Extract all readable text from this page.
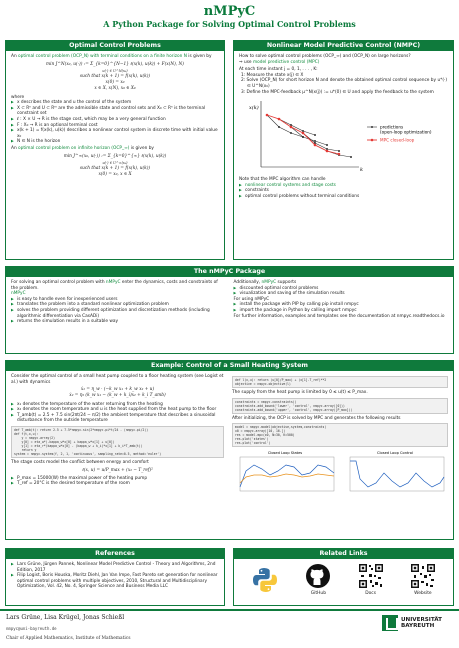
nMPyC
A Python Package for Solving Optimal Control Problems
Optimal Control Problems
An optimal control problem (OCP_N) with terminal conditions on a finite horizon N is given by
min J^N(x₀, u(·)) := Σ_{k=0}^{N−1} ℓ(x(k), u(k)) + F(x(N), N)
u(·) ∈ U^N(x₀)
such that x(k + 1) = f(x(k), u(k))
x(0) = x₀
x ∈ X, x(N), x₀ ∈ X₀
where
▶ x describes the state and u the control of the system
▶ X ⊂ Rⁿ and U ⊂ Rᵐ are the admissible state and control sets and X₀ ⊂ Rⁿ is the terminal constraint set
▶ ℓ : X × U → R is the stage cost, which may be a very general function
▶ F : X₀ → R is an optional terminal cost
▶ x(k + 1) = f(x(k), u(k)) describes a nonlinear control system in discrete time with initial value x₀
▶ N ∈ N is the horizon
An optimal control problem on infinite horizon (OCP_∞) is given by
min J^∞(x₀, u(·)) := Σ_{k=0}^{∞} ℓ(x(k), u(k))
u(·) ∈ U^∞(x₀)
such that x(k + 1) = f(x(k), u(k))
x(0) = x₀, x ∈ X
Nonlinear Model Predictive Control (NMPC)
How to solve optimal control problems (OCP_∞) and (OCP_N) on large horizons?
⇒ use model predictive control (MPC)
At each time instant j = 0, 1, . . . , K:
1: Measure the state x(j) ∈ X
2: Solve (OCP_N) for short horizon N and denote the obtained optimal control sequence by u*(·) ∈ U^N(x₀)
3: Define the MPC-feedback μ^N(x(j)) := u*(0) ∈ U and apply the feedback to the system
x(k)
k
predictions
(open-loop optimization)
MPC closed-loop
Note that the MPC algorithm can handle
▶ nonlinear control systems and stage costs
▶ constraints
▶ optimal control problems without terminal conditions
The nMPyC Package
For solving an optimal control problem with nMPyC enter the dynamics, costs and constraints of the problem.
nMPyC
▶ is easy to handle even for inexperienced users
▶ translates the problem into a standard nonlinear optimization problem
▶ solves the problem providing different optimization and discretization methods (including algorithmic differentiation via CasADi)
▶ returns the simulation results in a suitable way
Additionally, nMPyC supports
▶ discounted optimal control problems
▶ visualization and saving of the simulation results
For using nMPyC
▶ install the package with PIP by calling pip install nmpyc
▶ import the package in Python by calling import nmpyc
For further information, examples and templates see the documentation at nmpyc.readthedocs.io
Example: Control of a Small Heating System
Consider the optimal control of a small heat pump coupled to a floor heating system (see Logist et al.) with dynamics
ẋ₁ = η_w · (−k_w x₁ + k_w x₂ + u)
ẋ₂ = η₂ (k_w x₁ − (k_w + k_i)x₂ + k_i T_amb)
▶ x₁ denotes the temperature of the water returning from the heating
▶ x₂ denotes the room temperature and u is the heat supplied from the heat pump to the floor
▶ T_amb(t) = 2.5 + 7.5 sin(2πt/24 − π/2) the ambient temperature that describes a sinusoidal disturbance from the outside temperature
def T_amb(t): return 2.5 + 7.5*nmpyc.sin(2*nmpyc.pi*t/24 - (nmpyc.pi/2))
def f(t,x,u):
y = nmpyc.array(2)
y[0] = eta_w*(-kappa_w*x[0] + kappa_w*x[1] + u[0])
y[1] = eta_r*(kappa_w*x[0] - (kappa_w + k_i)*x[1] + k_i*T_amb(t))
return y
system = nmpyc.system(f, 2, 1, 'continuous', sampling_rate=0.5, method='euler')
The stage costs model the conflict between energy and comfort
ℓ(x, u) = u/P_max + (x₂ − T_ref)²
▶ P_max = 15000(W) the maximal power of the heating pump
▶ T_ref = 20°C is the desired temperature of the room
def l(x,u): return (u[0]/P_max) + (x[1]-T_ref)**2
objective = nmpyc.objective(l)
The supply from the heat pump is limited by 0 ≤ u(t) ≤ P_max.
constraints = nmpyc.constraints()
constraints.add_bound('lower', 'control', nmpyc.array([0]))
constraints.add_bound('upper', 'control', nmpyc.array([P_max]))
After initializing, the OCP is solved by MPC and generates the following results
model = nmpyc.model(objective,system,constraints)
x0 = nmpyc.array([10, 16.])
res = model.mpc(x0, N=30, K=500)
res.plot('states')
res.plot('control')
Closed Loop States	Closed Loop Control
References
▶ Lars Grüne, Jürgen Pannek, Nonlinear Model Predictive Control - Theory and Algorithms, 2nd Edition, 2017
▶ Filip Logist, Boris Houska, Moritz Diehl, Jan Van Impe, Fast Pareto set generation for nonlinear optimal control problems with multiple objectives, 2010, Structural and Multidisciplinary Optimization, Vol. 42, No. 4, Springer Science and Business Media LLC
Related Links
GitHub	Docs	Website
Lars Grüne, Lisa Krügel, Jonas Schießl
nmpyc@uni-bayreuth.de
Chair of Applied Mathematics, Institute of Mathematics
UNIVERSITÄT
BAYREUTH
